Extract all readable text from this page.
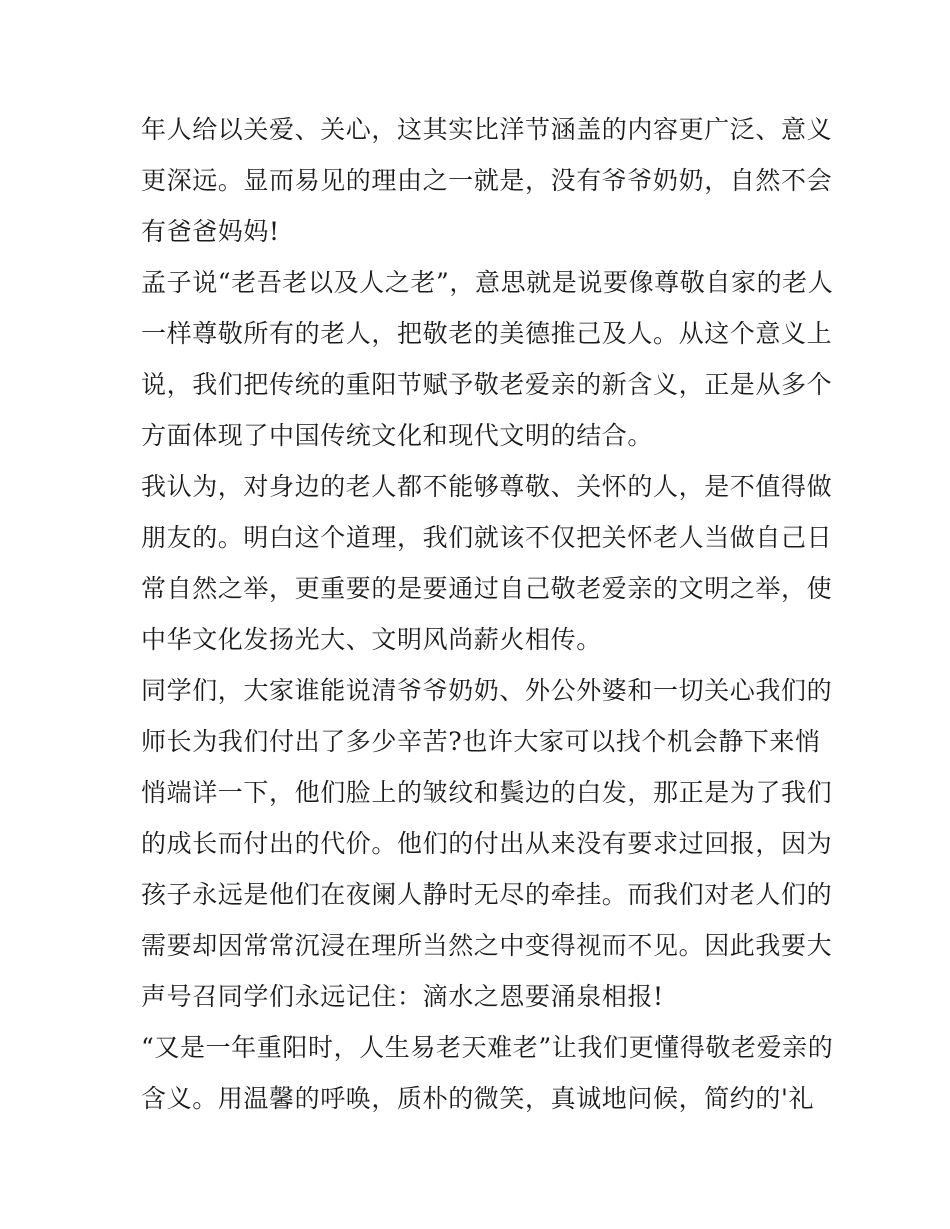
年人给以关爱、关心，这其实比洋节涵盖的内容更广泛、意义
更深远。显而易见的理由之一就是，没有爷爷奶奶，自然不会
有爸爸妈妈!
孟子说“老吾老以及人之老”，意思就是说要像尊敬自家的老人
一样尊敬所有的老人，把敬老的美德推己及人。从这个意义上
说，我们把传统的重阳节赋予敬老爱亲的新含义，正是从多个
方面体现了中国传统文化和现代文明的结合。
我认为，对身边的老人都不能够尊敬、关怀的人，是不值得做
朋友的。明白这个道理，我们就该不仅把关怀老人当做自己日
常自然之举，更重要的是要通过自己敬老爱亲的文明之举，使
中华文化发扬光大、文明风尚薪火相传。
同学们，大家谁能说清爷爷奶奶、外公外婆和一切关心我们的
师长为我们付出了多少辛苦?也许大家可以找个机会静下来悄
悄端详一下，他们脸上的皱纹和鬓边的白发，那正是为了我们
的成长而付出的代价。他们的付出从来没有要求过回报，因为
孩子永远是他们在夜阑人静时无尽的牵挂。而我们对老人们的
需要却因常常沉浸在理所当然之中变得视而不见。因此我要大
声号召同学们永远记住：滴水之恩要涌泉相报!
“又是一年重阳时，人生易老天难老”让我们更懂得敬老爱亲的
含义。用温馨的呼唤，质朴的微笑，真诚地问候，简约的'礼
